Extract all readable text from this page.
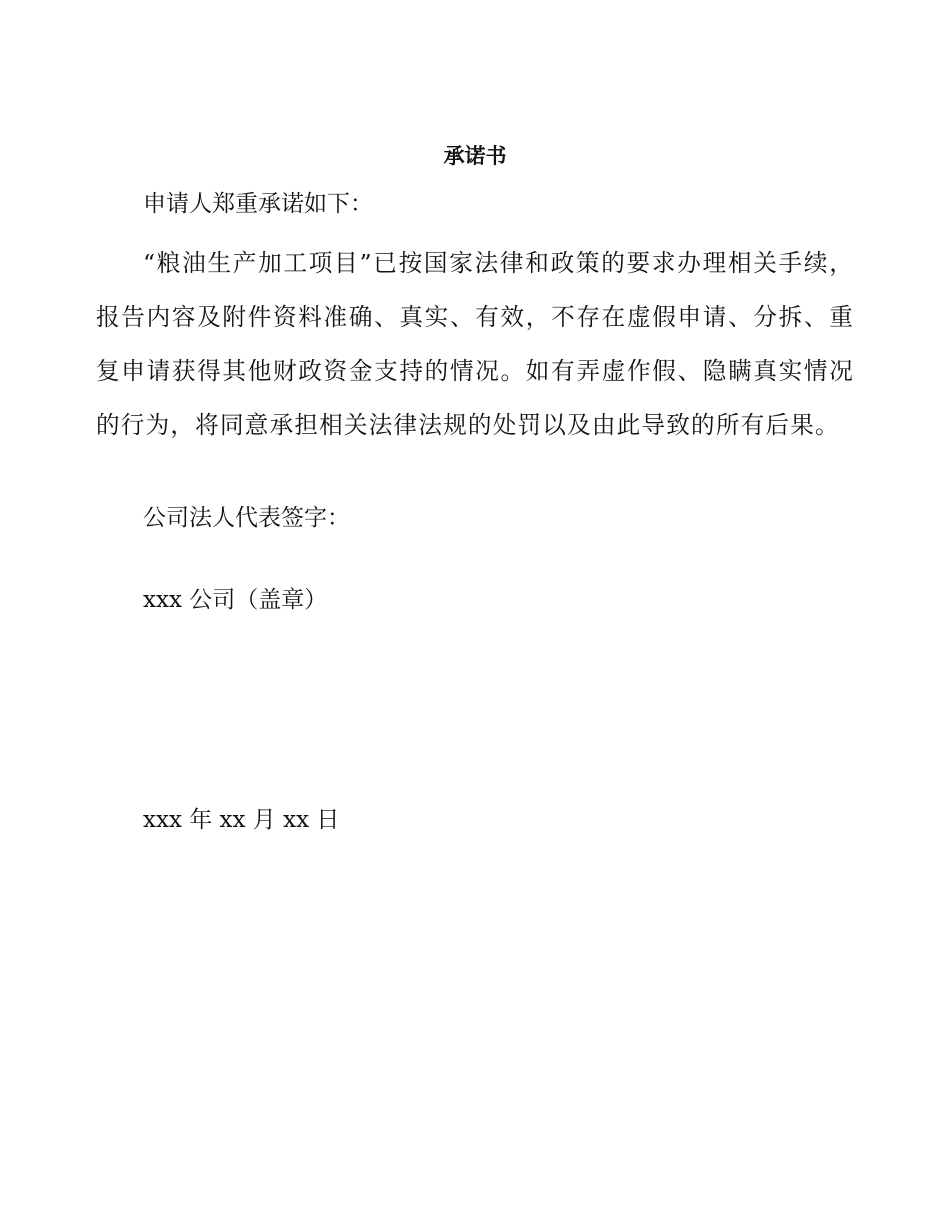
承诺书
申请人郑重承诺如下：

“粮油生产加工项目”已按国家法律和政策的要求办理相关手续，报告内容及附件资料准确、真实、有效，不存在虚假申请、分拆、重复申请获得其他财政资金支持的情况。如有弄虚作假、隐瞒真实情况的行为，将同意承担相关法律法规的处罚以及由此导致的所有后果。

公司法人代表签字：
xxx 公司（盖章）
xxx 年 xx 月 xx 日
